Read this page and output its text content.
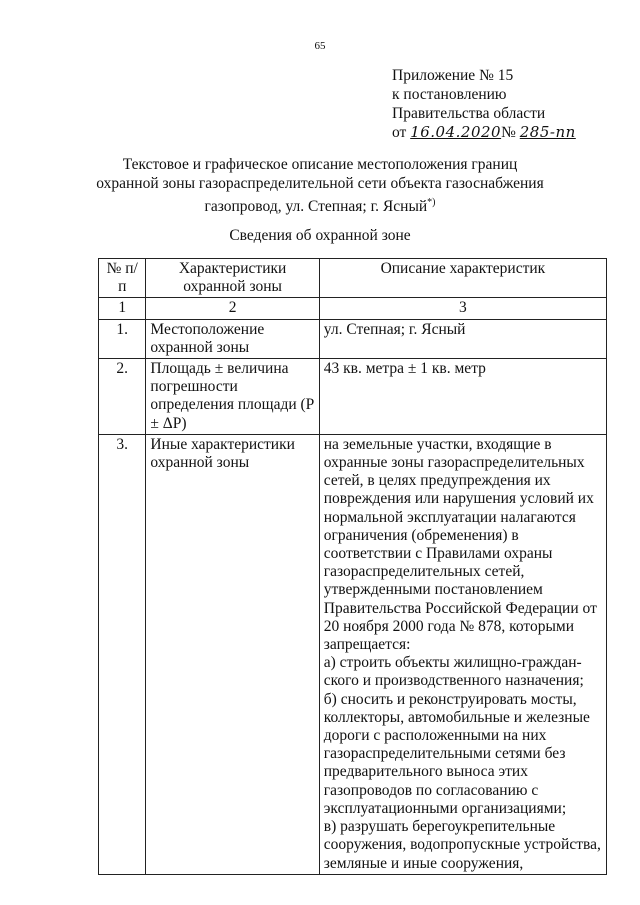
65
Приложение № 15
к постановлению
Правительства области
от 16.04.2020№ 285-пп
Текстовое и графическое описание местоположения границ
охранной зоны газораспределительной сети объекта газоснабжения
газопровод, ул. Степная; г. Ясный*)
Сведения об охранной зоне
№ п/п	Характеристики охранной зоны	Описание характеристик
1	2	3
1.	Местоположение охранной зоны	ул. Степная; г. Ясный

2.	Площадь ± величина погрешности определения площади (P ± ΔP)	43 кв. метра ± 1 кв. метр

3.	Иные характеристики охранной зоны	на земельные участки, входящие в охранные зоны газораспределительных сетей, в целях предупреждения их повреждения или нарушения условий их нормальной эксплуатации налагаются ограничения (обременения) в соответствии с Правилами охраны газораспределительных сетей, утвержденными постановлением Правительства Российской Федерации от 20 ноября 2000 года № 878, которыми запрещается:

а) строить объекты жилищно-гражданского и производственного назначения;

б) сносить и реконструировать мосты, коллекторы, автомобильные и железные дороги с расположенными на них газораспределительными сетями без предварительного выноса этих газопроводов по согласованию с эксплуатационными организациями;

в) разрушать берегоукрепительные сооружения, водопропускные устройства, земляные и иные сооружения,
